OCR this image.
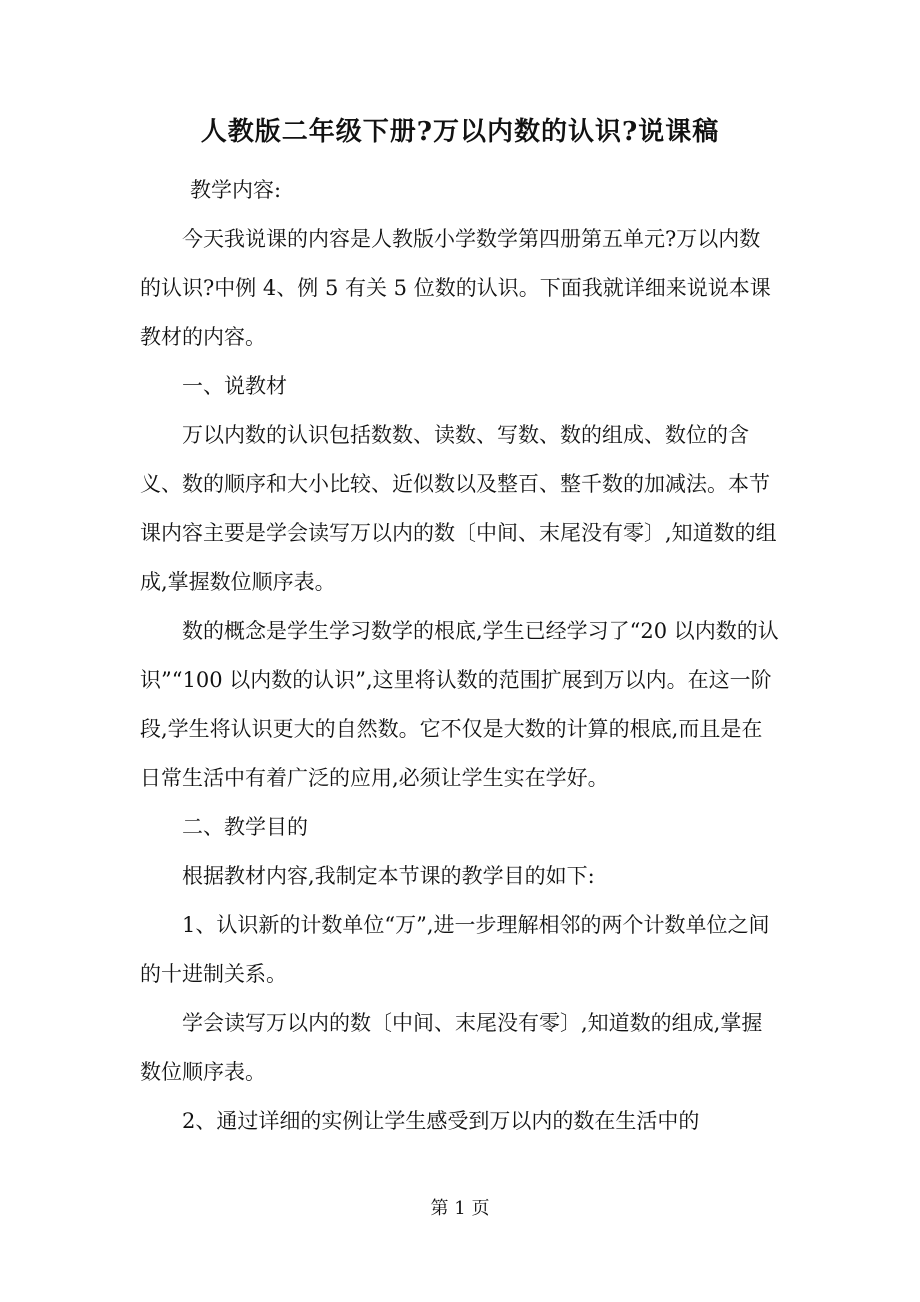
人教版二年级下册?万以内数的认识?说课稿

教学内容:

今天我说课的内容是人教版小学数学第四册第五单元?万以内数的认识?中例 4、例 5 有关 5 位数的认识。下面我就详细来说说本课教材的内容。

一、说教材

万以内数的认识包括数数、读数、写数、数的组成、数位的含义、数的顺序和大小比较、近似数以及整百、整千数的加减法。本节课内容主要是学会读写万以内的数〔中间、末尾没有零〕,知道数的组成,掌握数位顺序表。

数的概念是学生学习数学的根底,学生已经学习了“20 以内数的认识”“100 以内数的认识”,这里将认数的范围扩展到万以内。在这一阶段,学生将认识更大的自然数。它不仅是大数的计算的根底,而且是在日常生活中有着广泛的应用,必须让学生实在学好。

二、教学目的

根据教材内容,我制定本节课的教学目的如下:

1、认识新的计数单位“万”,进一步理解相邻的两个计数单位之间的十进制关系。

学会读写万以内的数〔中间、末尾没有零〕,知道数的组成,掌握数位顺序表。

2、通过详细的实例让学生感受到万以内的数在生活中的

第 1 页
